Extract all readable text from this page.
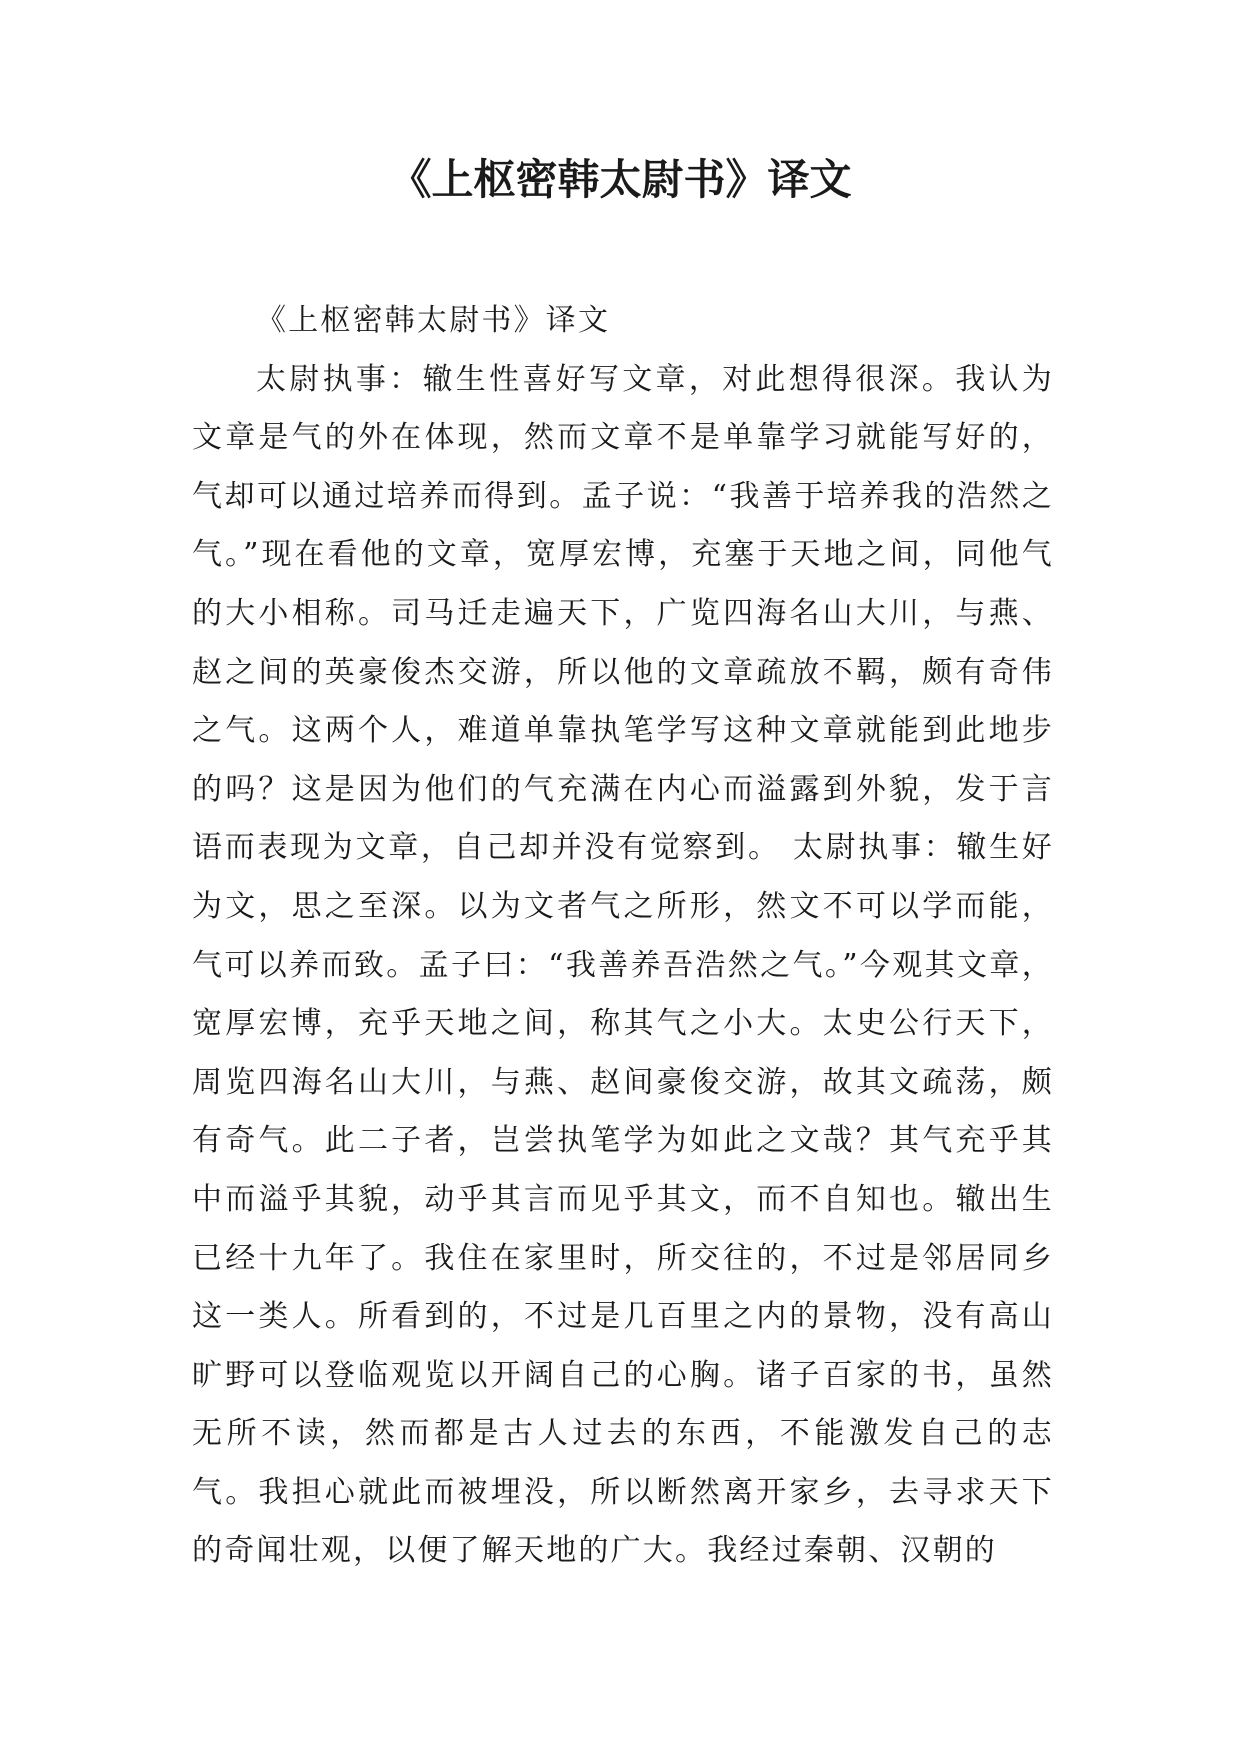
《上枢密韩太尉书》译文

《上枢密韩太尉书》译文

太尉执事：辙生性喜好写文章，对此想得很深。我认为文章是气的外在体现，然而文章不是单靠学习就能写好的，气却可以通过培养而得到。孟子说：“我善于培养我的浩然之气。”现在看他的文章，宽厚宏博，充塞于天地之间，同他气的大小相称。司马迁走遍天下，广览四海名山大川，与燕、赵之间的英豪俊杰交游，所以他的文章疏放不羁，颇有奇伟之气。这两个人，难道单靠执笔学写这种文章就能到此地步的吗？这是因为他们的气充满在内心而溢露到外貌，发于言语而表现为文章，自己却并没有觉察到。 太尉执事：辙生好为文，思之至深。以为文者气之所形，然文不可以学而能，气可以养而致。孟子曰：“我善养吾浩然之气。”今观其文章，宽厚宏博，充乎天地之间，称其气之小大。太史公行天下，周览四海名山大川，与燕、赵间豪俊交游，故其文疏荡，颇有奇气。此二子者，岂尝执笔学为如此之文哉？其气充乎其中而溢乎其貌，动乎其言而见乎其文，而不自知也。辙出生已经十九年了。我住在家里时，所交往的，不过是邻居同乡这一类人。所看到的，不过是几百里之内的景物，没有高山旷野可以登临观览以开阔自己的心胸。诸子百家的书，虽然无所不读，然而都是古人过去的东西，不能激发自己的志气。我担心就此而被埋没，所以断然离开家乡，去寻求天下的奇闻壮观，以便了解天地的广大。我经过秦朝、汉朝的
